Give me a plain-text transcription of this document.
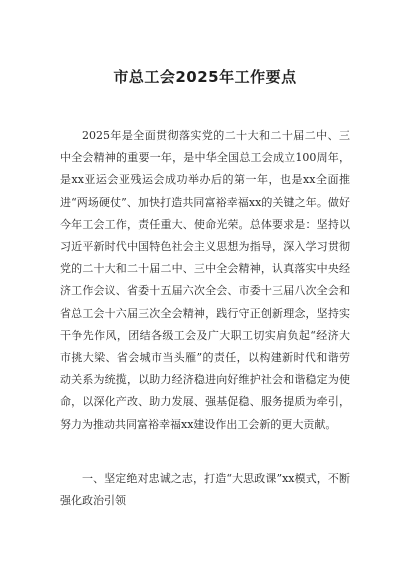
市总工会2025年工作要点

2025年是全面贯彻落实党的二十大和二十届二中、三中全会精神的重要一年，是中华全国总工会成立100周年，是xx亚运会亚残运会成功举办后的第一年，也是xx全面推进“两场硬仗”、加快打造共同富裕幸福xx的关键之年。做好今年工会工作，责任重大、使命光荣。总体要求是：坚持以习近平新时代中国特色社会主义思想为指导，深入学习贯彻党的二十大和二十届二中、三中全会精神，认真落实中央经济工作会议、省委十五届六次全会、市委十三届八次全会和省总工会十六届三次全会精神，践行守正创新理念，坚持实干争先作风，团结各级工会及广大职工切实肩负起“经济大市挑大梁、省会城市当头雁”的责任，以构建新时代和谐劳动关系为统揽，以助力经济稳进向好维护社会和谐稳定为使命，以深化产改、助力发展、强基促稳、服务提质为牵引，努力为推动共同富裕幸福xx建设作出工会新的更大贡献。

一、坚定绝对忠诚之志，打造“大思政课”xx模式，不断强化政治引领
